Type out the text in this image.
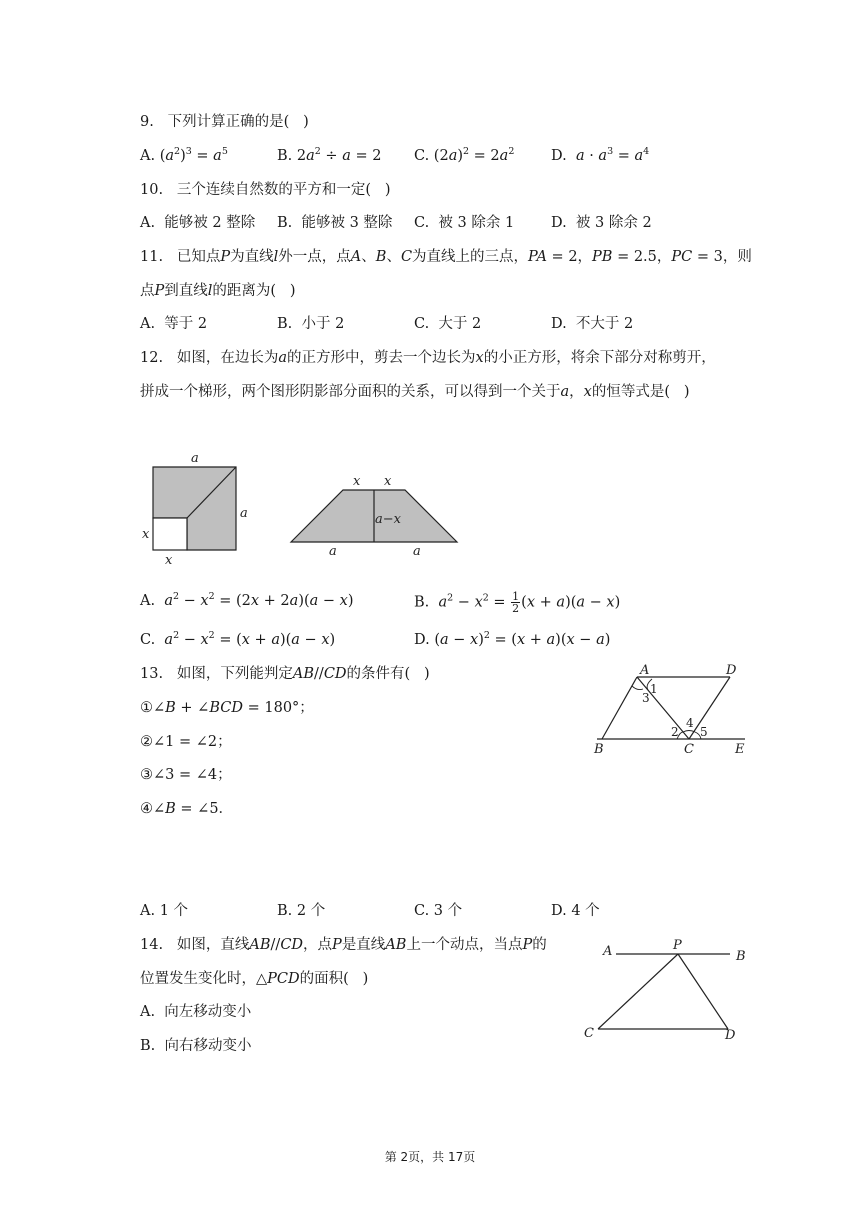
9.   下列计算正确的是(   )
A. $(a^2)^3 = a^5$	B. $2a^2 \div a = 2$ C. $(2a)^2 = 2a^2$	D.  $a \cdot a^3 = a^4$
10.   三个连续自然数的平方和一定(   )
A.  能够被 2 整除 B.  能够被 3 整除 C.  被 3 除余 1	D.  被 3 除余 2
11.   已知点P为直线l外一点，点A、B、C为直线上的三点，PA = 2，PB = 2.5，PC = 3，则
点P到直线l的距离为(   )
A.  等于 2	B.  小于 2	C.  大于 2	D.  不大于 2
12.   如图，在边长为a的正方形中，剪去一个边长为x的小正方形，将余下部分对称剪开，
拼成一个梯形，两个图形阴影部分面积的关系，可以得到一个关于a，x的恒等式是(   )
a
a
x
x
x x
a−x
a	a
A.  $a^2 - x^2 = (2x + 2a)(a - x)$	B.  $a^2 - x^2 = \frac{1}{2} (x + a)(a - x)$
C.  $a^2 - x^2 = (x + a)(a - x)$	D. $(a - x)^2 = (x + a)(x - a)$
13.   如图，下列能判定AB//CD的条件有(   )
①∠B + ∠BCD = 180°；
②∠1 = ∠2；
③∠3 = ∠4；
④∠B = ∠5．
A	D
B	C	E
1
3
2
4
5
A. 1 个	B. 2 个	C. 3 个	D. 4 个
14.   如图，直线AB//CD，点P是直线AB上一个动点，当点P的
位置发生变化时，△PCD的面积(   )
A.  向左移动变小
B.  向右移动变小
A	P
B
C	D
第 2页，共 17页
